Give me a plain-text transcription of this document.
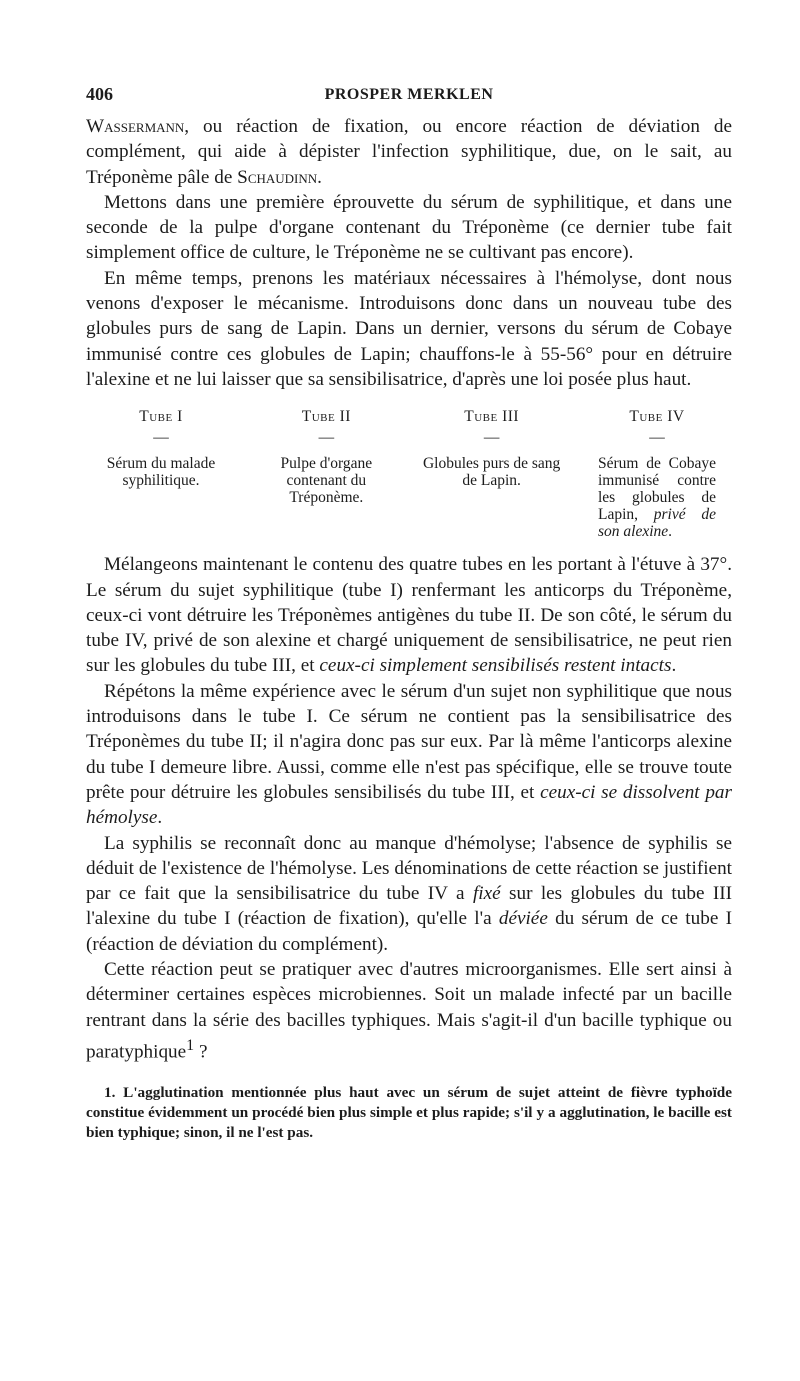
406	PROSPER MERKLEN

Wassermann, ou réaction de fixation, ou encore réaction de déviation de complément, qui aide à dépister l'infection syphilitique, due, on le sait, au Tréponème pâle de Schaudinn.

Mettons dans une première éprouvette du sérum de syphilitique, et dans une seconde de la pulpe d'organe contenant du Tréponème (ce dernier tube fait simplement office de culture, le Tréponème ne se cultivant pas encore).

En même temps, prenons les matériaux nécessaires à l'hémolyse, dont nous venons d'exposer le mécanisme. Introduisons donc dans un nouveau tube des globules purs de sang de Lapin. Dans un dernier, versons du sérum de Cobaye immunisé contre ces globules de Lapin; chauffons-le à 55-56° pour en détruire l'alexine et ne lui laisser que sa sensibilisatrice, d'après une loi posée plus haut.

Tube I
—
Sérum du malade syphilitique.
Tube II
—
Pulpe d'organe contenant du Tréponème.
Tube III
—
Globules purs de sang de Lapin.
Tube IV
—
Sérum de Cobaye immunisé contre les globules de Lapin, privé de son alexine.

Mélangeons maintenant le contenu des quatre tubes en les portant à l'étuve à 37°. Le sérum du sujet syphilitique (tube I) renfermant les anticorps du Tréponème, ceux-ci vont détruire les Tréponèmes antigènes du tube II. De son côté, le sérum du tube IV, privé de son alexine et chargé uniquement de sensibilisatrice, ne peut rien sur les globules du tube III, et ceux-ci simplement sensibilisés restent intacts.

Répétons la même expérience avec le sérum d'un sujet non syphilitique que nous introduisons dans le tube I. Ce sérum ne contient pas la sensibilisatrice des Tréponèmes du tube II; il n'agira donc pas sur eux. Par là même l'anticorps alexine du tube I demeure libre. Aussi, comme elle n'est pas spécifique, elle se trouve toute prête pour détruire les globules sensibilisés du tube III, et ceux-ci se dissolvent par hémolyse.

La syphilis se reconnaît donc au manque d'hémolyse; l'absence de syphilis se déduit de l'existence de l'hémolyse. Les dénominations de cette réaction se justifient par ce fait que la sensibilisatrice du tube IV a fixé sur les globules du tube III l'alexine du tube I (réaction de fixation), qu'elle l'a déviée du sérum de ce tube I (réaction de déviation du complément).

Cette réaction peut se pratiquer avec d'autres microorganismes. Elle sert ainsi à déterminer certaines espèces microbiennes. Soit un malade infecté par un bacille rentrant dans la série des bacilles typhiques. Mais s'agit-il d'un bacille typhique ou paratyphique$^1$ ?

1. L'agglutination mentionnée plus haut avec un sérum de sujet atteint de fièvre typhoïde constitue évidemment un procédé bien plus simple et plus rapide; s'il y a agglutination, le bacille est bien typhique; sinon, il ne l'est pas.
